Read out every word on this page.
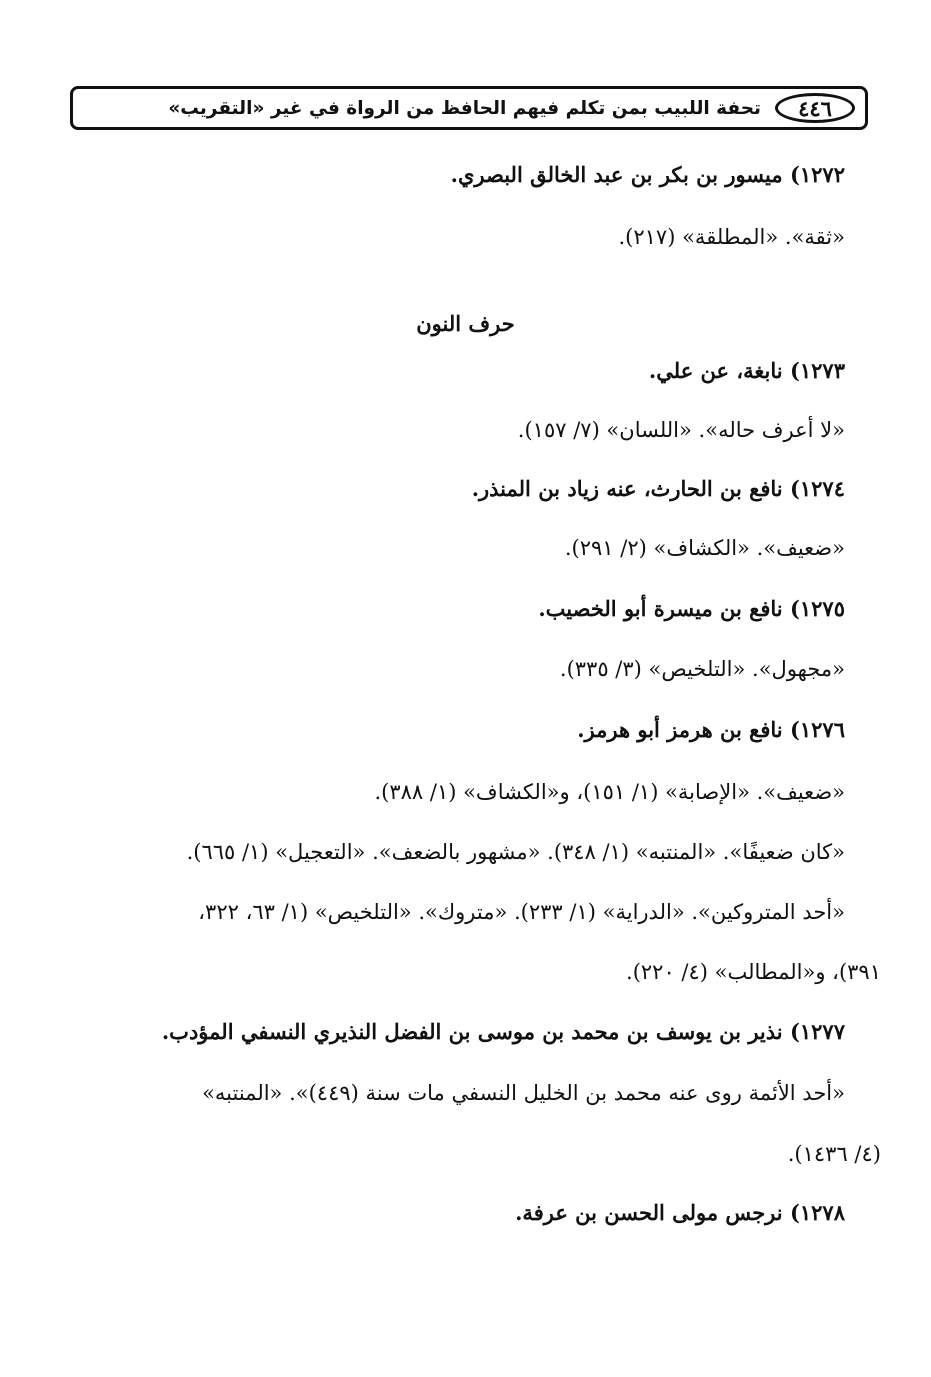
٤٤٦
تحفة اللبيب بمن تكلم فيهم الحافظ من الرواة في غير «التقريب»
١٢٧٢) ميسور بن بكر بن عبد الخالق البصري.
«ثقة». «المطلقة» (٢١٧).
حرف النون
١٢٧٣) نابغة، عن علي.
«لا أعرف حاله». «اللسان» (٧/ ١٥٧).
١٢٧٤) نافع بن الحارث، عنه زياد بن المنذر.
«ضعيف». «الكشاف» (٢/ ٢٩١).
١٢٧٥) نافع بن ميسرة أبو الخصيب.
«مجهول». «التلخيص» (٣/ ٣٣٥).
١٢٧٦) نافع بن هرمز أبو هرمز.
«ضعيف». «الإصابة» (١/ ١٥١)، و«الكشاف» (١/ ٣٨٨).
«كان ضعيفًا». «المنتبه» (١/ ٣٤٨). «مشهور بالضعف». «التعجيل» (١/ ٦٦٥).
«أحد المتروكين». «الدراية» (١/ ٢٣٣). «متروك». «التلخيص» (١/ ٦٣، ٣٢٢،
٣٩١)، و«المطالب» (٤/ ٢٢٠).
١٢٧٧) نذير بن يوسف بن محمد بن موسى بن الفضل النذيري النسفي المؤدب.
«أحد الأئمة روى عنه محمد بن الخليل النسفي مات سنة (٤٤٩)». «المنتبه»
(٤/ ١٤٣٦).
١٢٧٨) نرجس مولى الحسن بن عرفة.
